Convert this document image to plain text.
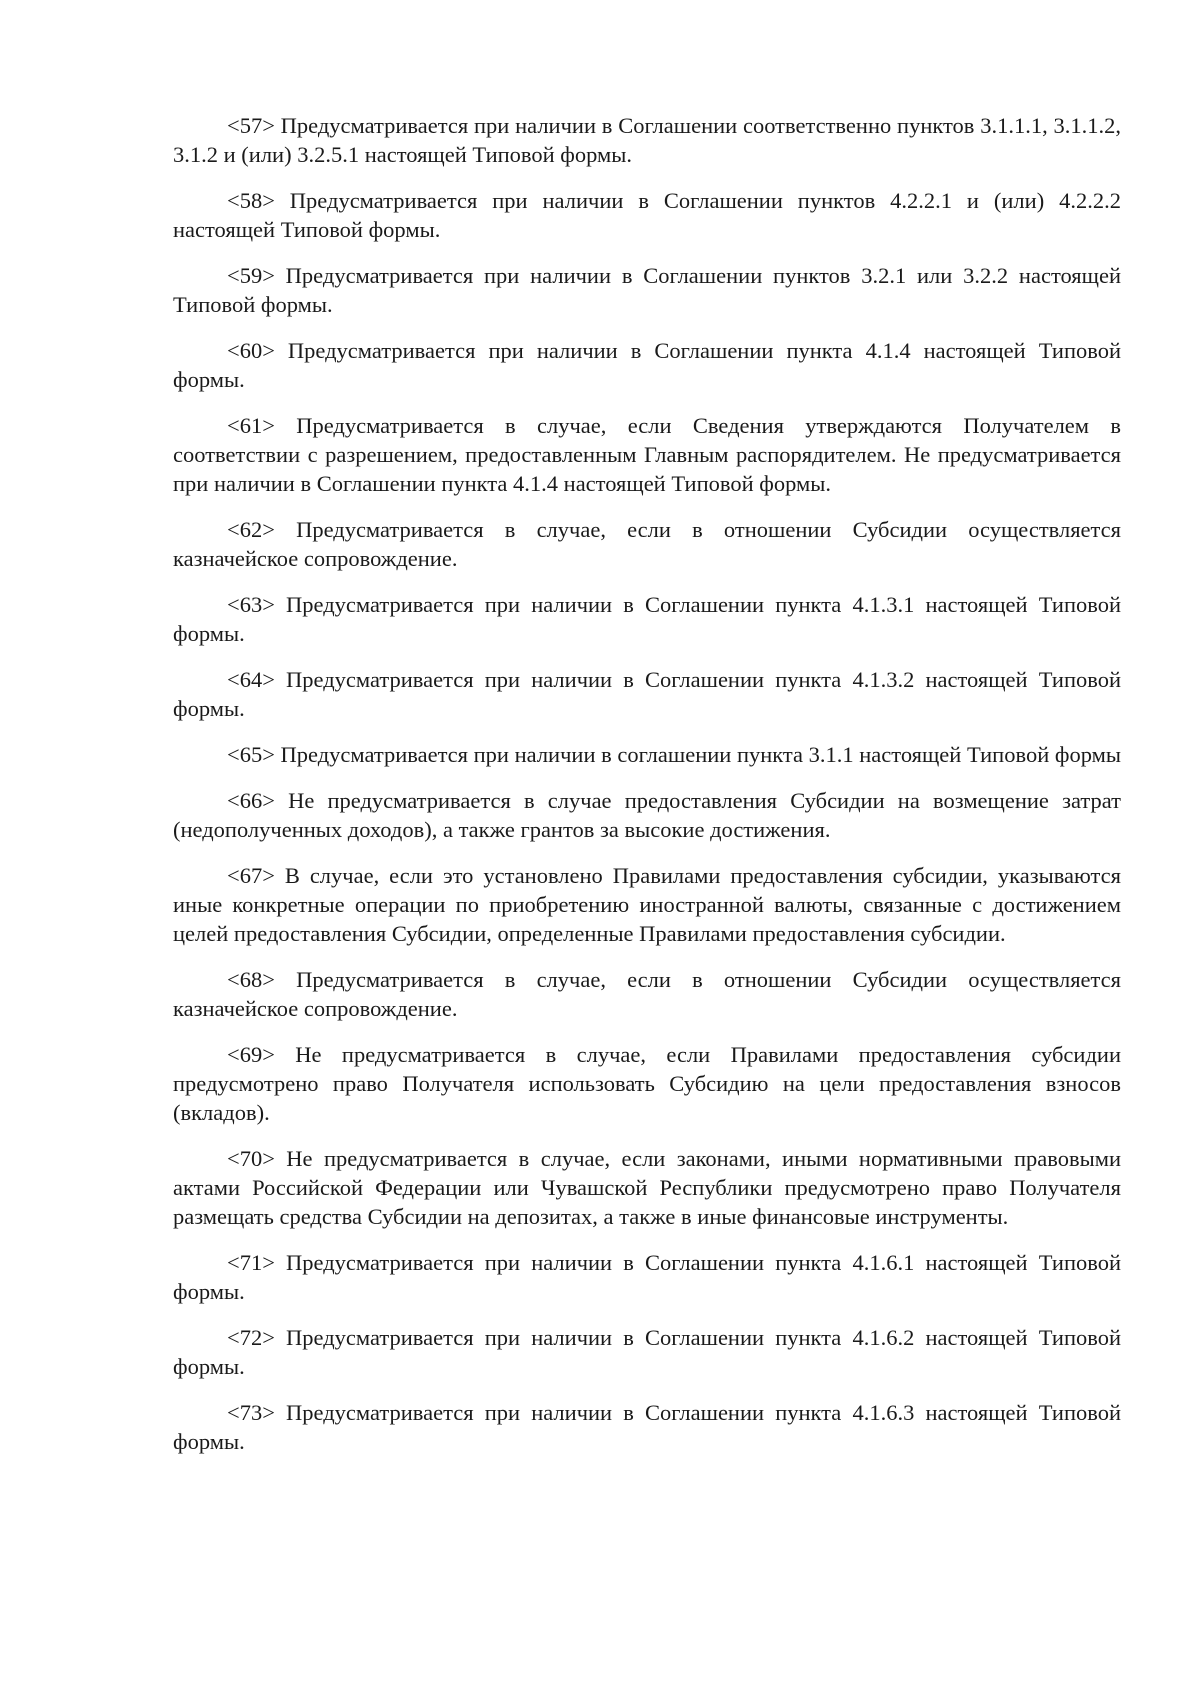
<57> Предусматривается при наличии в Соглашении соответственно пунктов 3.1.1.1, 3.1.1.2, 3.1.2 и (или) 3.2.5.1 настоящей Типовой формы.

<58> Предусматривается при наличии в Соглашении пунктов 4.2.2.1 и (или) 4.2.2.2 настоящей Типовой формы.

<59> Предусматривается при наличии в Соглашении пунктов 3.2.1 или 3.2.2 настоящей Типовой формы.

<60> Предусматривается при наличии в Соглашении пункта 4.1.4 настоящей Типовой формы.

<61> Предусматривается в случае, если Сведения утверждаются Получателем в соответствии с разрешением, предоставленным Главным распорядителем. Не предусматривается при наличии в Соглашении пункта 4.1.4 настоящей Типовой формы.

<62> Предусматривается в случае, если в отношении Субсидии осуществляется казначейское сопровождение.

<63> Предусматривается при наличии в Соглашении пункта 4.1.3.1 настоящей Типовой формы.

<64> Предусматривается при наличии в Соглашении пункта 4.1.3.2 настоящей Типовой формы.

<65> Предусматривается при наличии в соглашении пункта 3.1.1 настоящей Типовой формы

<66> Не предусматривается в случае предоставления Субсидии на возмещение затрат (недополученных доходов), а также грантов за высокие достижения.

<67> В случае, если это установлено Правилами предоставления субсидии, указываются иные конкретные операции по приобретению иностранной валюты, связанные с достижением целей предоставления Субсидии, определенные Правилами предоставления субсидии.

<68> Предусматривается в случае, если в отношении Субсидии осуществляется казначейское сопровождение.

<69> Не предусматривается в случае, если Правилами предоставления субсидии предусмотрено право Получателя использовать Субсидию на цели предоставления взносов (вкладов).

<70> Не предусматривается в случае, если законами, иными нормативными правовыми актами Российской Федерации или Чувашской Республики предусмотрено право Получателя размещать средства Субсидии на депозитах, а также в иные финансовые инструменты.

<71> Предусматривается при наличии в Соглашении пункта 4.1.6.1 настоящей Типовой формы.

<72> Предусматривается при наличии в Соглашении пункта 4.1.6.2 настоящей Типовой формы.

<73> Предусматривается при наличии в Соглашении пункта 4.1.6.3 настоящей Типовой формы.
